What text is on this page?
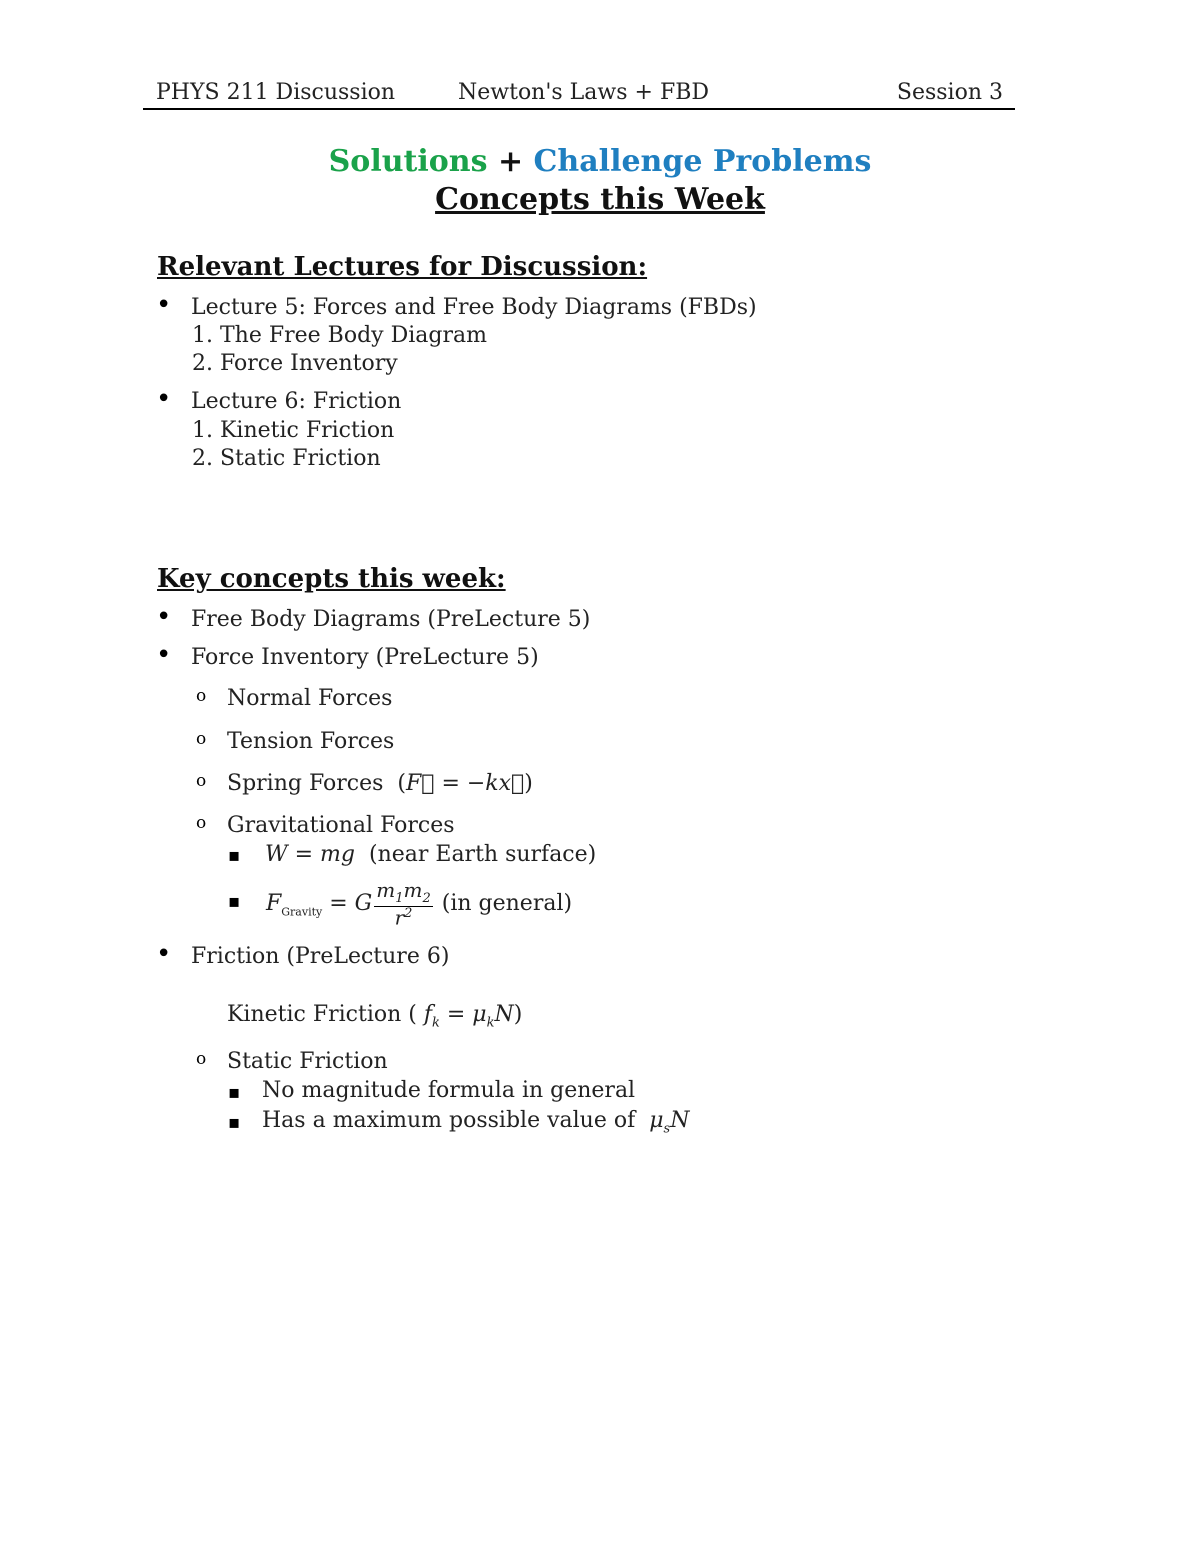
PHYS 211 Discussion	Newton's Laws + FBD	Session 3
Solutions + Challenge Problems
Concepts this Week
Relevant Lectures for Discussion:
•
Lecture 5: Forces and Free Body Diagrams (FBDs)
1. The Free Body Diagram
2. Force Inventory
•
Lecture 6: Friction
1. Kinetic Friction
2. Static Friction
Key concepts this week:
•
Free Body Diagrams (PreLecture 5)
•
Force Inventory (PreLecture 5)
o
Normal Forces
o
Tension Forces
o
Spring Forces  (F⃗ = −kx⃗)
o
Gravitational Forces
▪
W = mg (near Earth surface)
▪
$F_{Gravity} = G \frac{m_1m_2}{r^2} (in$ general)
•
Friction (PreLecture 6)
Kinetic Friction ( $f_k = \mu_kN$)
o
Static Friction
▪
No magnitude formula in general
▪
Has a maximum possible value of  $\mu_sN$
